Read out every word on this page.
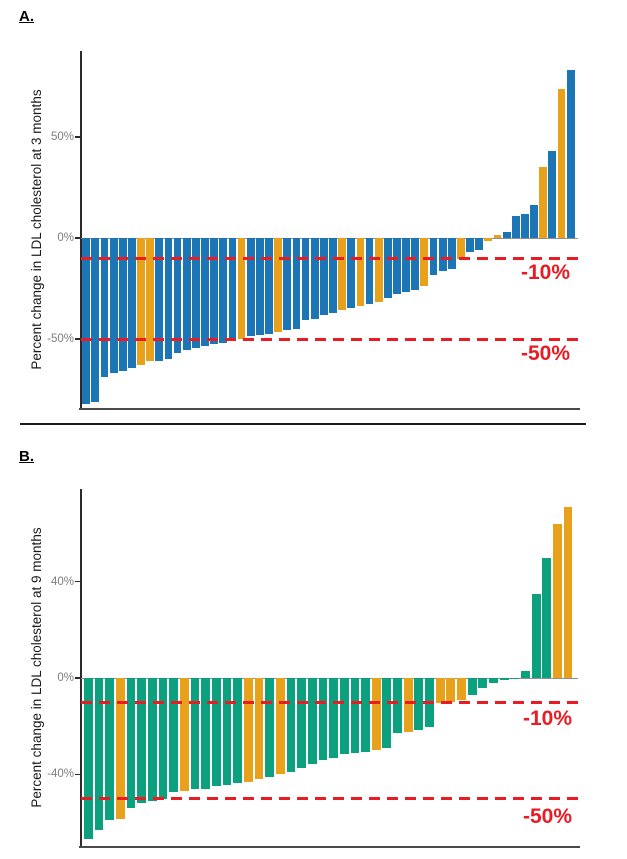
A.
Percent change in LDL cholesterol at 3 months	-10%
-50%
B.
Percent change in LDL cholesterol at 9 months	-10%
-50%
50%
0%
-50%
40%
0%
-40%
